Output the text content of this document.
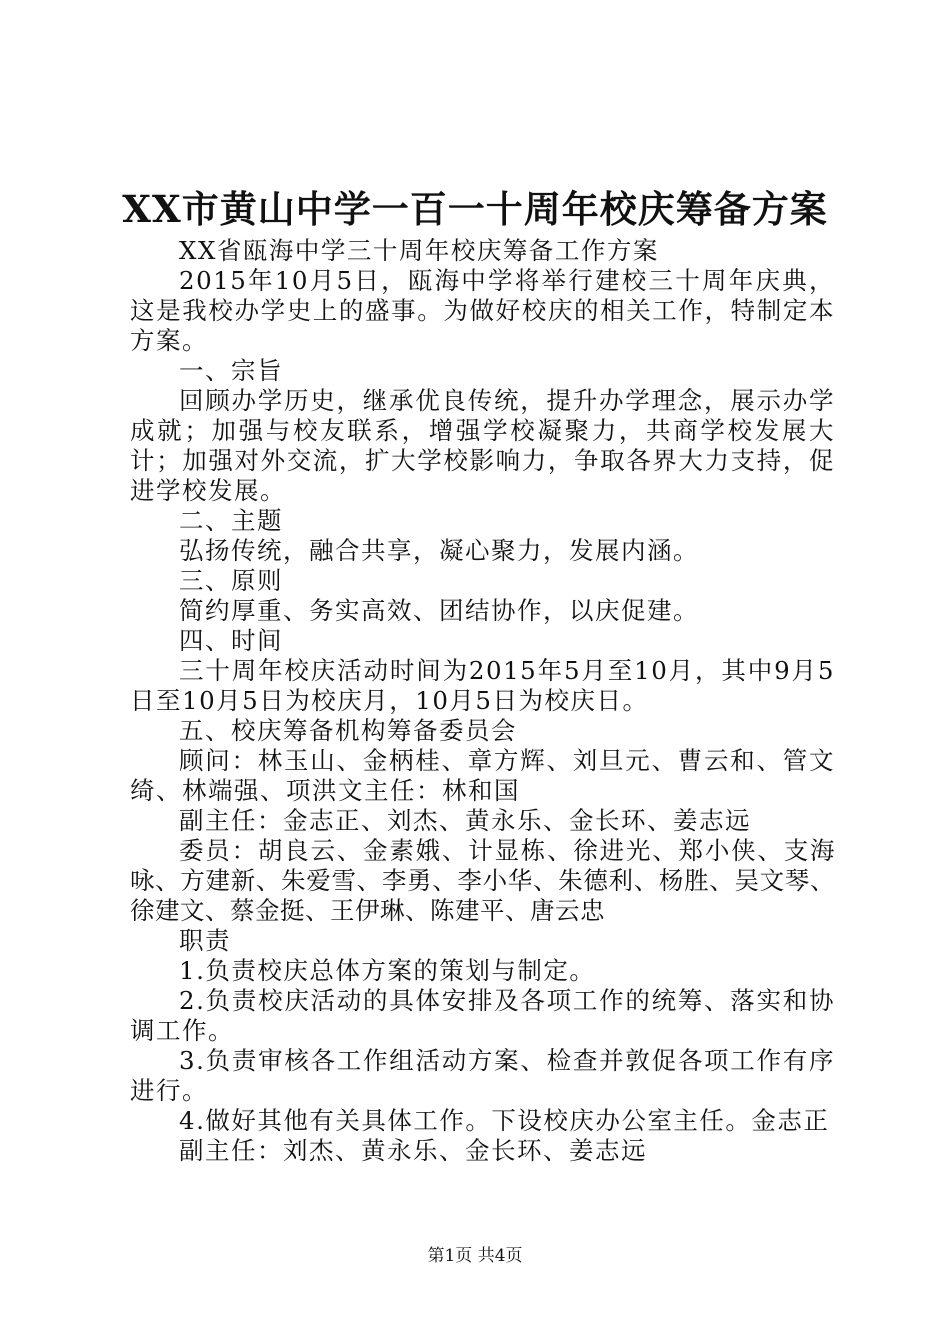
XX市黄山中学一百一十周年校庆筹备方案

XX省瓯海中学三十周年校庆筹备工作方案

2015年10月5日，瓯海中学将举行建校三十周年庆典，这是我校办学史上的盛事。为做好校庆的相关工作，特制定本方案。

一、宗旨

回顾办学历史，继承优良传统，提升办学理念，展示办学成就；加强与校友联系，增强学校凝聚力，共商学校发展大计；加强对外交流，扩大学校影响力，争取各界大力支持，促进学校发展。

二、主题

弘扬传统，融合共享，凝心聚力，发展内涵。

三、原则

简约厚重、务实高效、团结协作，以庆促建。

四、时间

三十周年校庆活动时间为2015年5月至10月，其中9月5日至10月5日为校庆月，10月5日为校庆日。

五、校庆筹备机构筹备委员会

顾问：林玉山、金柄桂、章方辉、刘旦元、曹云和、管文绮、林端强、项洪文主任：林和国

副主任：金志正、刘杰、黄永乐、金长环、姜志远

委员：胡良云、金素娥、计显栋、徐进光、郑小侠、支海咏、方建新、朱爱雪、李勇、李小华、朱德利、杨胜、吴文琴、徐建文、蔡金挺、王伊琳、陈建平、唐云忠

职责

1.负责校庆总体方案的策划与制定。

2.负责校庆活动的具体安排及各项工作的统筹、落实和协调工作。

3.负责审核各工作组活动方案、检查并敦促各项工作有序进行。

4.做好其他有关具体工作。下设校庆办公室主任。金志正

副主任：刘杰、黄永乐、金长环、姜志远

第1页 共4页
